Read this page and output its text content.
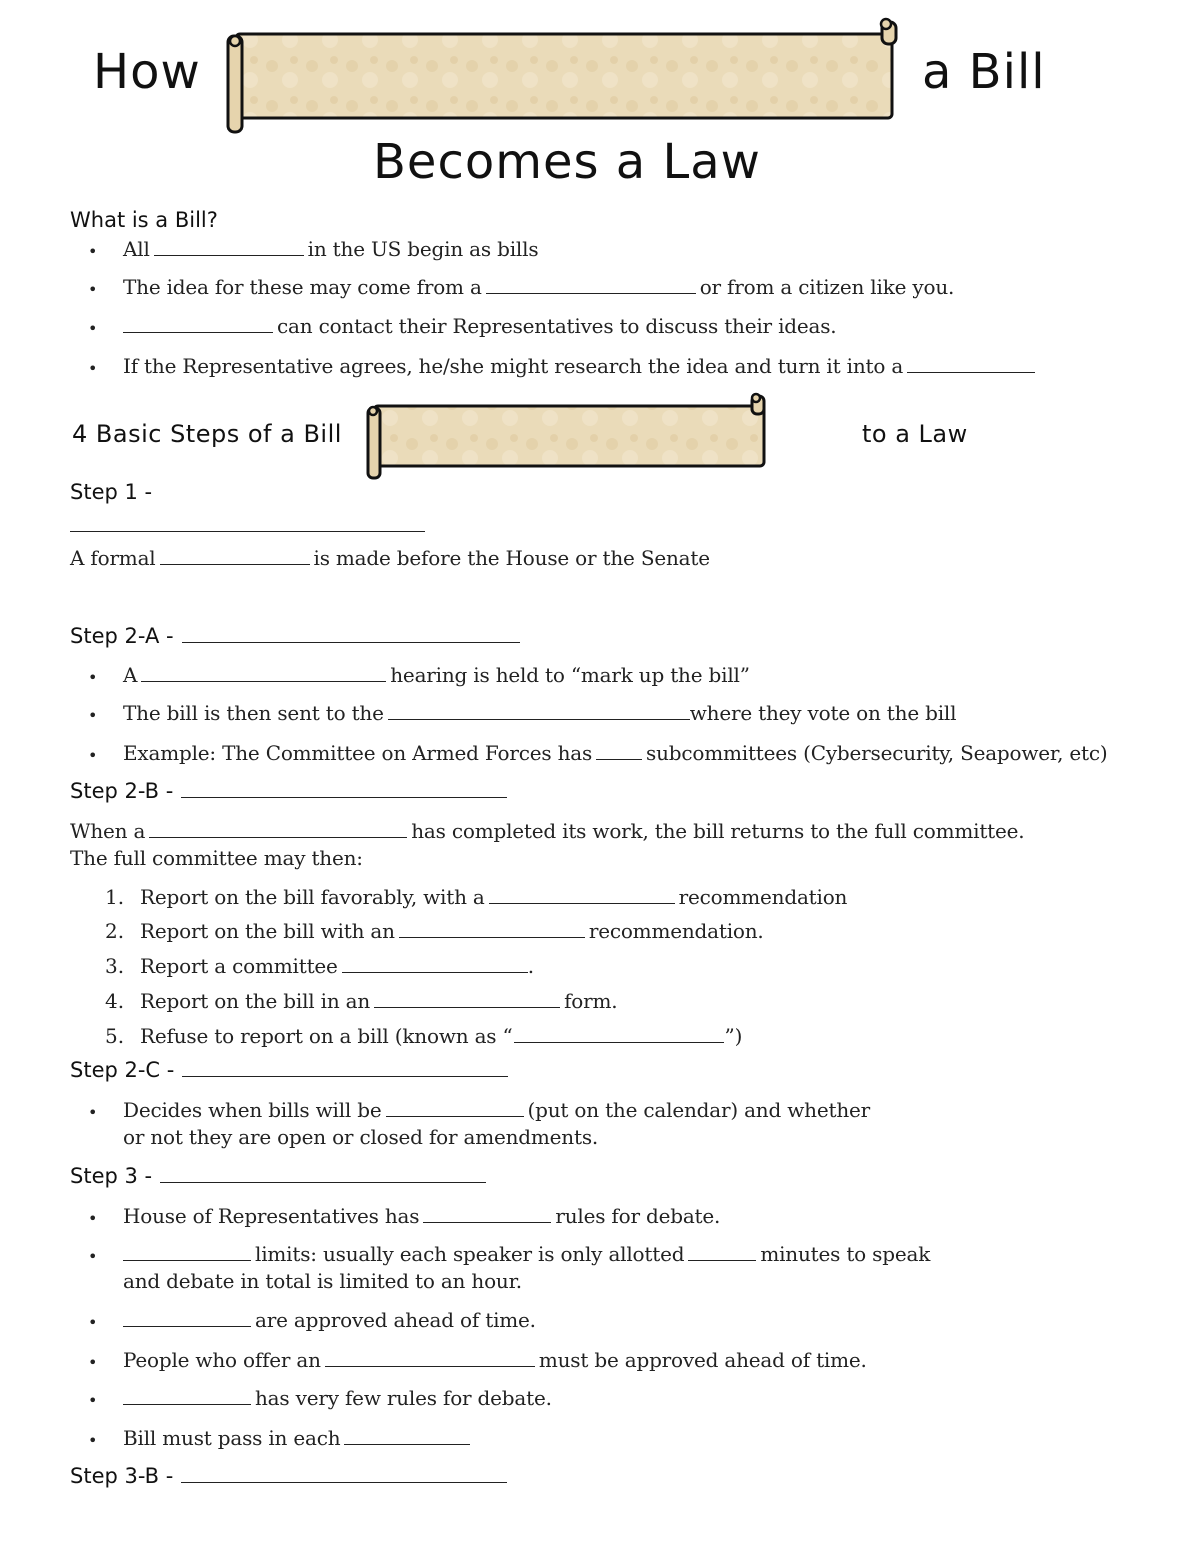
How	a Bill
Becomes a Law
What is a Bill?
• All	in the US begin as bills
• The idea for these may come from a	or from a citizen like you.
•	can contact their Representatives to discuss their ideas.
• If the Representative agrees, he/she might research the idea and turn it into a
4 Basic Steps of a Bill	to a Law
Step 1 -
A formal	is made before the House or the Senate
Step 2-A -
• A	hearing is held to “mark up the bill”
• The bill is then sent to the	where they vote on the bill
• Example: The Committee on Armed Forces has	subcommittees (Cybersecurity, Seapower, etc)
Step 2-B -
When a	has completed its work, the bill returns to the full committee.
The full committee may then:
1. Report on the bill favorably, with a	recommendation
2. Report on the bill with an	recommendation.
3. Report a committee	.
4. Report on the bill in an	form.
5. Refuse to report on a bill (known as “	”)
Step 2-C -
• Decides when bills will be	(put on the calendar) and whether
or not they are open or closed for amendments.
Step 3 -
• House of Representatives has	rules for debate.
•	limits: usually each speaker is only allotted	minutes to speak
and debate in total is limited to an hour.
•	are approved ahead of time.
• People who offer an	must be approved ahead of time.
•	has very few rules for debate.
• Bill must pass in each
Step 3-B -
